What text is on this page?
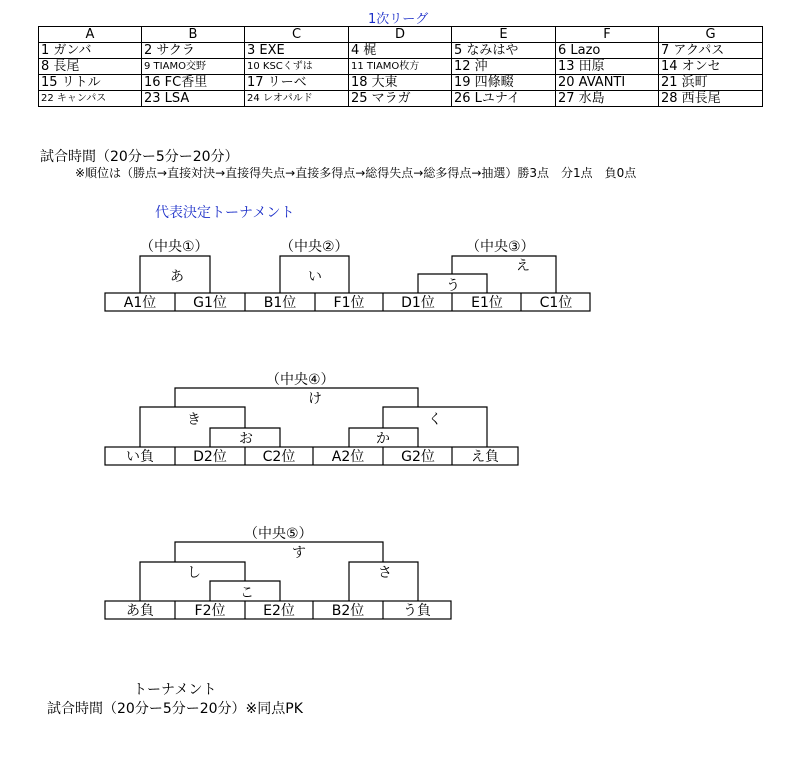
1次リーグ
A	B	C	D	E	F	G
1 ガンバ	2 サクラ	3 EXE	4 梶	5 なみはや	6 Lazo	7 アクパス
8 長尾	9 TIAMO交野	10 KSCくずは	11 TIAMO枚方	12 沖	13 田原	14 オンセ
15 リトル	16 FC香里	17 リーベ	18 大東	19 四條畷	20 AVANTI	21 浜町
22 キャンパス	23 LSA	24 レオパルド	25 マラガ	26 Lユナイ	27 水島	28 西長尾
試合時間（20分ー5分ー20分）
※順位は（勝点→直接対決→直接得失点→直接多得点→総得失点→総多得点→抽選）勝3点　分1点　負0点
代表決定トーナメント
（中央①）
あ
A1位	G1位
（中央②）
い
B1位	F1位
（中央③）
え
う
D1位	E1位	C1位
（中央④）
け
き
お
く
か
い負	D2位	C2位	A2位	G2位	え負
（中央⑤）
す
し
こ
さ
あ負	F2位	E2位	B2位	う負
トーナメント
試合時間（20分ー5分ー20分）※同点PK
